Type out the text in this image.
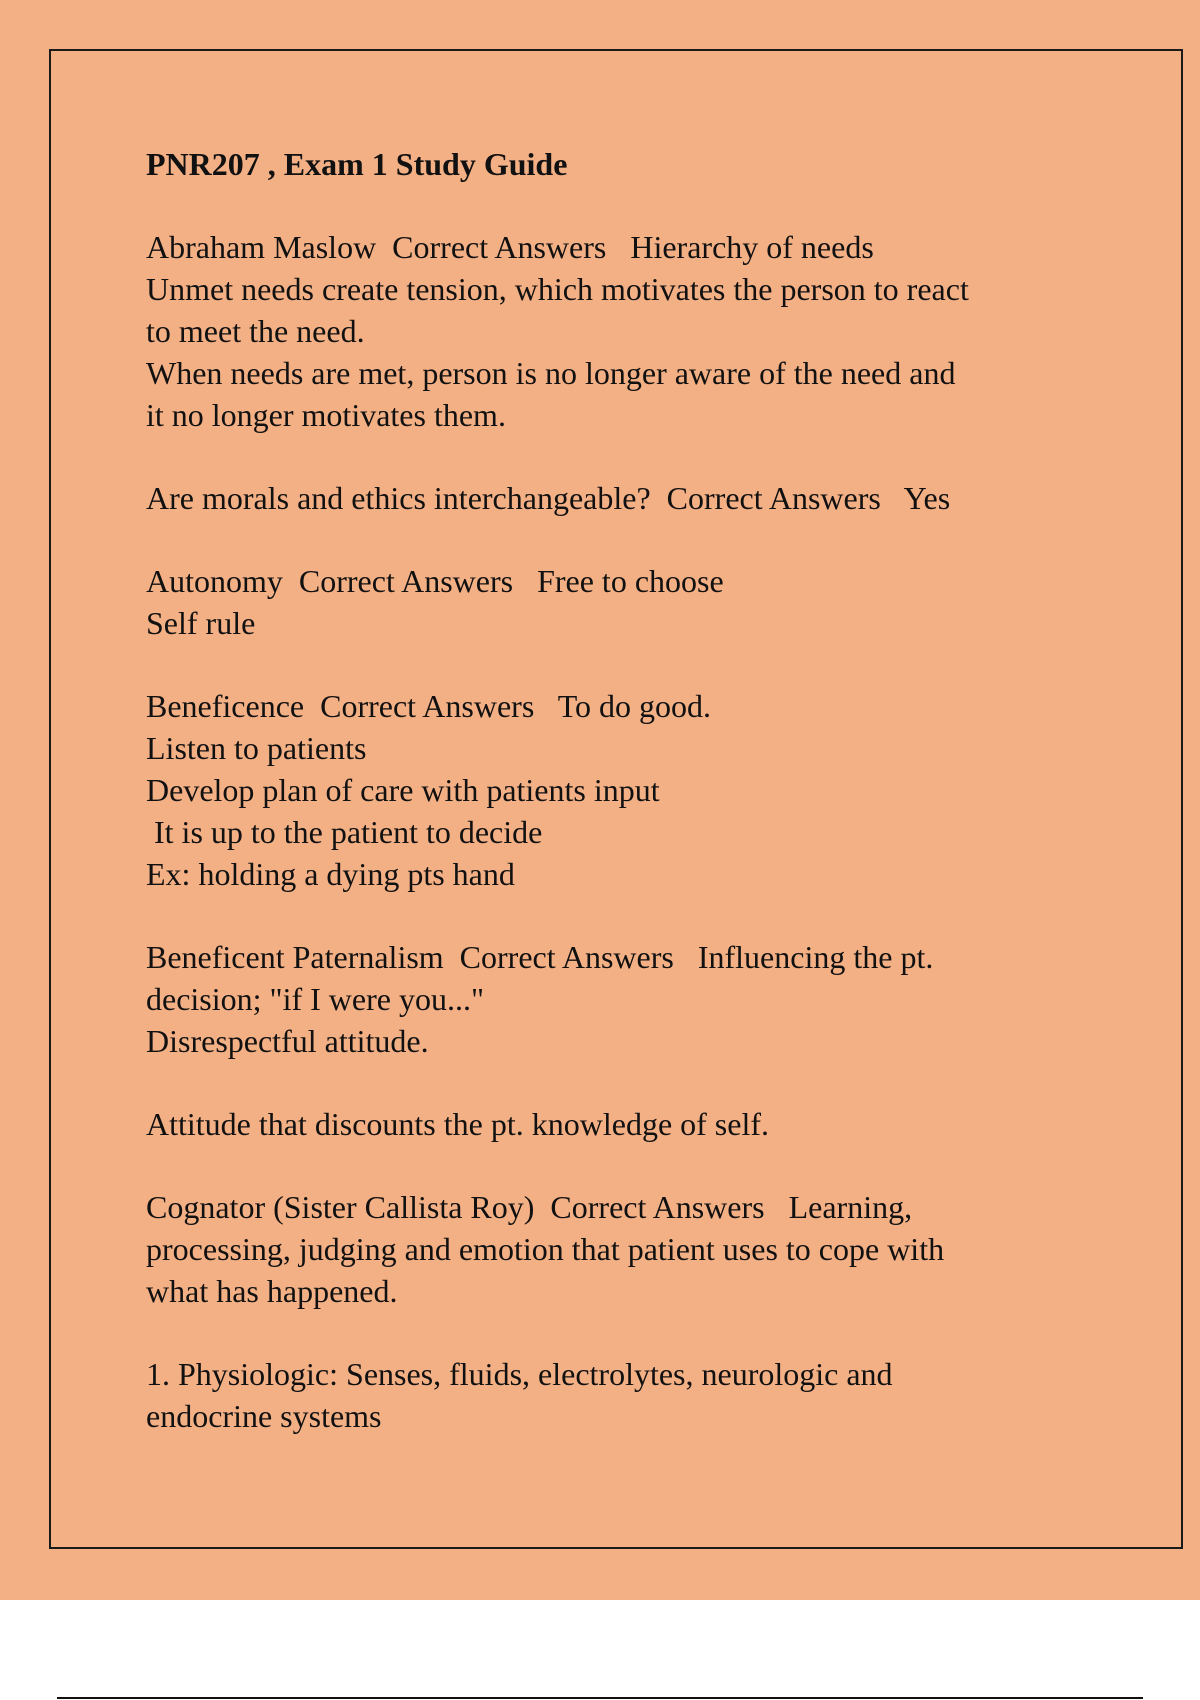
PNR207 , Exam 1 Study Guide
Abraham Maslow  Correct Answers   Hierarchy of needs
Unmet needs create tension, which motivates the person to react
to meet the need.
When needs are met, person is no longer aware of the need and
it no longer motivates them.
Are morals and ethics interchangeable?  Correct Answers   Yes
Autonomy  Correct Answers   Free to choose
Self rule
Beneficence  Correct Answers   To do good.
Listen to patients
Develop plan of care with patients input
It is up to the patient to decide
Ex: holding a dying pts hand
Beneficent Paternalism  Correct Answers   Influencing the pt.
decision; "if I were you..."
Disrespectful attitude.
Attitude that discounts the pt. knowledge of self.
Cognator (Sister Callista Roy)  Correct Answers   Learning,
processing, judging and emotion that patient uses to cope with
what has happened.
1. Physiologic: Senses, fluids, electrolytes, neurologic and
endocrine systems
